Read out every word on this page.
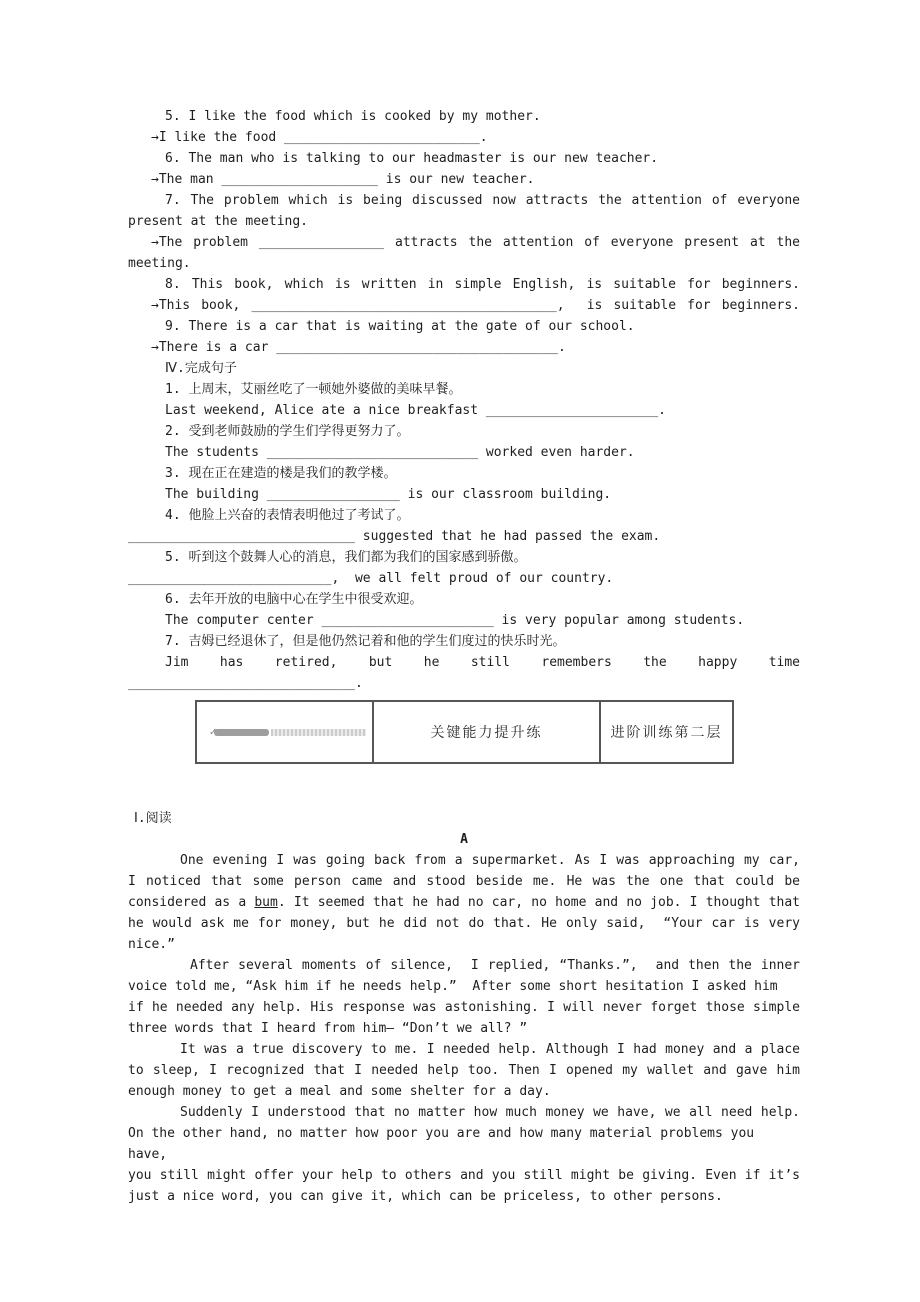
5. I like the food which is cooked by my mother.
→I like the food _________________________.
6. The man who is talking to our headmaster is our new teacher.
→The man ____________________ is our new teacher.
7. The problem which is being discussed now attracts the attention of everyone
present at the meeting.
→The problem ________________ attracts the attention of everyone present at the
meeting.
8. This book, which is written in simple English, is suitable for beginners.
→This book, _______________________________________,  is suitable for beginners.
9. There is a car that is waiting at the gate of our school.
→There is a car ____________________________________.
Ⅳ.完成句子
1. 上周末，艾丽丝吃了一顿她外婆做的美味早餐。
Last weekend, Alice ate a nice breakfast ______________________.
2. 受到老师鼓励的学生们学得更努力了。
The students ___________________________ worked even harder.
3. 现在正在建造的楼是我们的教学楼。
The building _________________ is our classroom building.
4. 他脸上兴奋的表情表明他过了考试了。
_____________________________ suggested that he had passed the exam.
5. 听到这个鼓舞人心的消息，我们都为我们的国家感到骄傲。
__________________________,  we all felt proud of our country.
6. 去年开放的电脑中心在学生中很受欢迎。
The computer center ______________________ is very popular among students.
7. 吉姆已经退休了，但是他仍然记着和他的学生们度过的快乐时光。
Jim has retired, but he still remembers the happy time
_____________________________.
✓	关键能力提升练	进阶训练第二层
Ⅰ.阅读
A
One evening I was going back from a supermarket. As I was approaching my car,
I noticed that some person came and stood beside me. He was the one that could be
considered as a bum. It seemed that he had no car, no home and no job. I thought that
he would ask me for money, but he did not do that. He only said,  “Your car is very
nice.”
After several moments of silence,  I replied, “Thanks.”,  and then the inner
voice told me, “Ask him if he needs help.”  After some short hesitation I asked him
if he needed any help. His response was astonishing. I will never forget those simple
three words that I heard from him— “Don’t we all? ”
It was a true discovery to me. I needed help. Although I had money and a place
to sleep, I recognized that I needed help too. Then I opened my wallet and gave him
enough money to get a meal and some shelter for a day.
Suddenly I understood that no matter how much money we have, we all need help.
On the other hand, no matter how poor you are and how many material problems you have,
you still might offer your help to others and you still might be giving. Even if it’s
just a nice word, you can give it, which can be priceless, to other persons.
